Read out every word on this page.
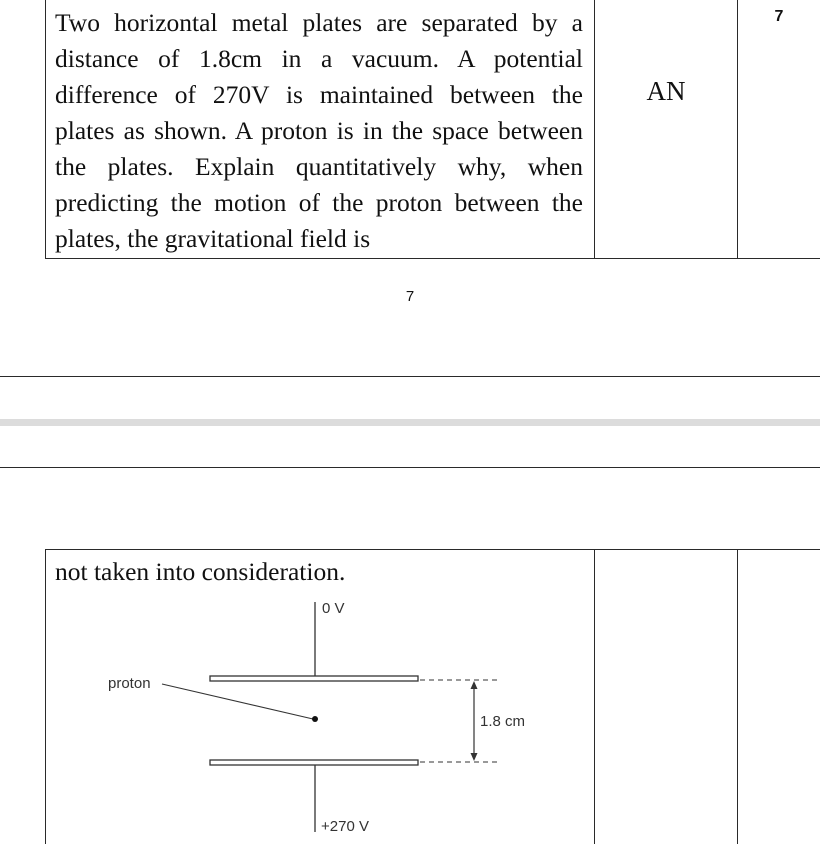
Two horizontal metal plates are separated by a distance of 1.8cm in a vacuum. A potential difference of 270V is maintained between the plates as shown. A proton is in the space between the plates. Explain quantitatively why, when predicting the motion of the proton between the plates, the gravitational field is

AN
7
7

not taken into consideration.

0 V
+270 V
proton
1.8 cm
